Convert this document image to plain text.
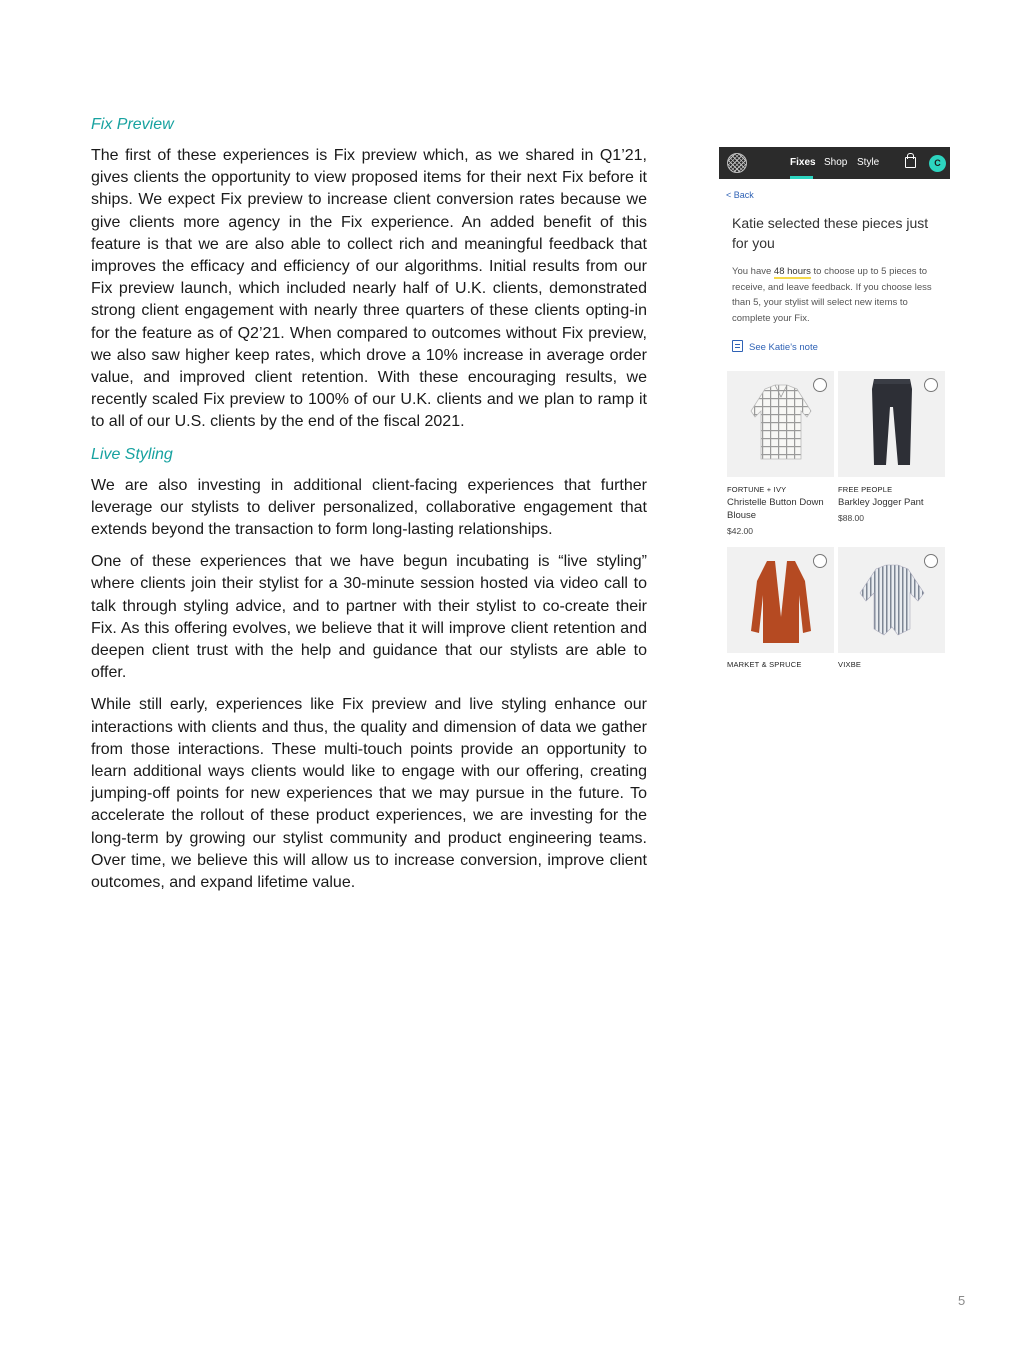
Fix Preview

The first of these experiences is Fix preview which, as we shared in Q1’21, gives clients the opportunity to view proposed items for their next Fix before it ships. We expect Fix preview to increase client conversion rates because we give clients more agency in the Fix experience. An added benefit of this feature is that we are also able to collect rich and meaningful feedback that improves the efficacy and efficiency of our algorithms. Initial results from our Fix preview launch, which included nearly half of U.K. clients, demonstrated strong client engagement with nearly three quarters of these clients opting-in for the feature as of Q2’21. When compared to outcomes without Fix preview, we also saw higher keep rates, which drove a 10% increase in average order value, and improved client retention. With these encouraging results, we recently scaled Fix preview to 100% of our U.K. clients and we plan to ramp it to all of our U.S. clients by the end of the fiscal 2021.

Live Styling

We are also investing in additional client-facing experiences that further leverage our stylists to deliver personalized, collaborative engagement that extends beyond the transaction to form long-lasting relationships.

One of these experiences that we have begun incubating is “live styling” where clients join their stylist for a 30-minute session hosted via video call to talk through styling advice, and to partner with their stylist to co-create their Fix. As this offering evolves, we believe that it will improve client retention and deepen client trust with the help and guidance that our stylists are able to offer.

While still early, experiences like Fix preview and live styling enhance our interactions with clients and thus, the quality and dimension of data we gather from those interactions. These multi-touch points provide an opportunity to learn additional ways clients would like to engage with our offering, creating jumping-off points for new experiences that we may pursue in the future. To accelerate the rollout of these product experiences, we are investing for the long-term by growing our stylist community and product engineering teams. Over time, we believe this will allow us to increase conversion, improve client outcomes, and expand lifetime value.

Fixes Shop Style	C
< Back
Katie selected these pieces just for you
You have 48 hours to choose up to 5 pieces to receive, and leave feedback. If you choose less than 5, your stylist will select new items to complete your Fix.
See Katie's note
FORTUNE + IVY
Christelle Button Down Blouse
$42.00
FREE PEOPLE
Barkley Jogger Pant
$88.00
MARKET & SPRUCE	VIXBE
5
